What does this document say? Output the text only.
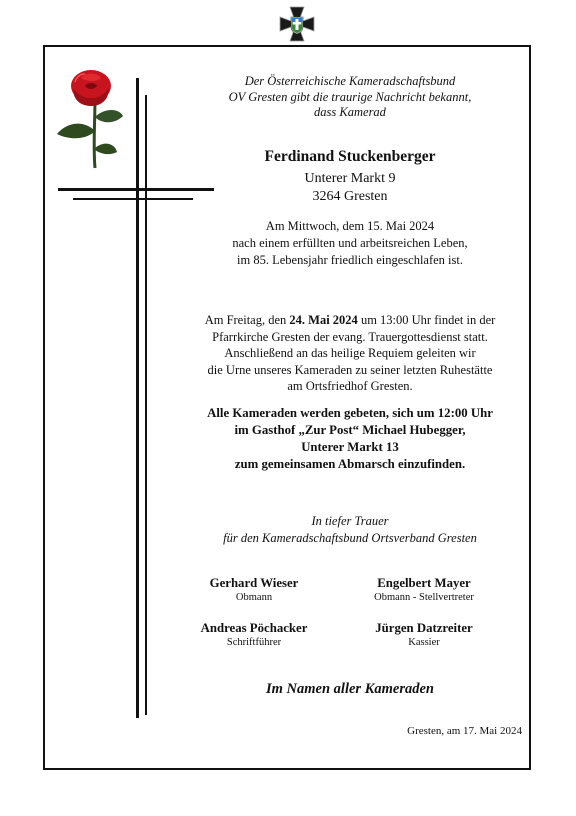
Der Österreichische Kameradschaftsbund
OV Gresten gibt die traurige Nachricht bekannt,
dass Kamerad
Ferdinand Stuckenberger
Unterer Markt 9
3264 Gresten
Am Mittwoch, dem 15. Mai 2024
nach einem erfüllten und arbeitsreichen Leben,
im 85. Lebensjahr friedlich eingeschlafen ist.
Am Freitag, den 24. Mai 2024 um 13:00 Uhr findet in der
Pfarrkirche Gresten der evang. Trauergottesdienst statt.
Anschließend an das heilige Requiem geleiten wir
die Urne unseres Kameraden zu seiner letzten Ruhestätte
am Ortsfriedhof Gresten.
Alle Kameraden werden gebeten, sich um 12:00 Uhr
im Gasthof „Zur Post“ Michael Hubegger,
Unterer Markt 13
zum gemeinsamen Abmarsch einzufinden.
In tiefer Trauer
für den Kameradschaftsbund Ortsverband Gresten
Gerhard Wieser
Obmann
Engelbert Mayer
Obmann - Stellvertreter
Andreas Pöchacker
Schriftführer
Jürgen Datzreiter
Kassier
Im Namen aller Kameraden
Gresten, am 17. Mai 2024
